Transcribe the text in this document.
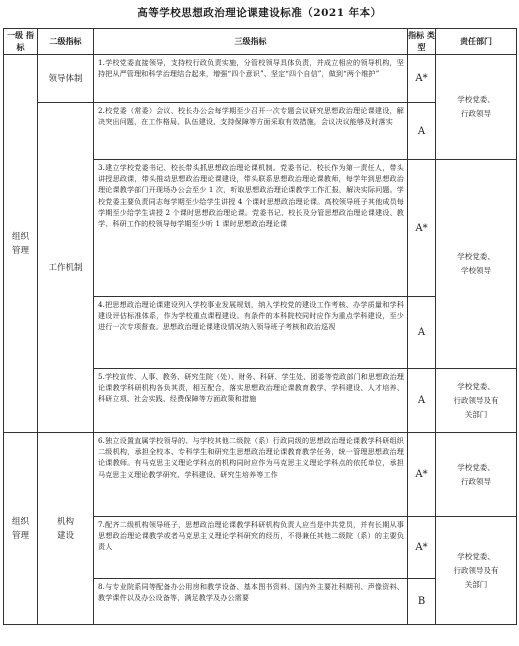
高等学校思想政治理论课建设标准（2021 年本）
一级 指标	二级指标	三级指标	指标 类型	责任部门
组织
管理	领导体制	1.学校党委直接领导，支持校行政负责实施，分管校领导具体负责，并成立相应的领导机构，坚持把从严管理和科学治理结合起来，增强“四个意识”、坚定“四个自信”，做到“两个维护”	A*	学校党委、
行政领导
	工作机制	2.校党委（常委）会议、校长办公会每学期至少召开一次专题会议研究思想政治理论课建设，解决突出问题，在工作格局、队伍建设、支持保障等方面采取有效措施，会议决议能够及时落实	A	
		3.建立学校党委书记、校长带头抓思想政治理论课机制。党委书记、校长作为第一责任人，带头讲授思政课，带头推动思想政治理论课建设，带头联系思想政治理论课教师，每学年到思想政治理论课教学部门开现场办公会至少 1 次，听取思想政治理论课教学工作汇报，解决实际问题。学校党委主要负责同志每学期至少给学生讲授 4 个课时思想政治理论课。高校领导班子其他成员每学期至少给学生讲授 2 个课时思想政治理论课。党委书记、校长及分管思想政治理论课建设、教学、科研工作的校领导每学期至少听 1 课时思想政治理论课	A*	学校党委、
学校领导
		4.把思想政治理论课建设列入学校事业发展规划，纳入学校党的建设工作考核、办学质量和学科建设评估标准体系，作为学校重点课程建设。有条件的本科院校同时应作为重点学科建设，至少进行一次专项督查。思想政治理论课建设情况纳入领导班子考核和政治巡视	A	
		5.学校宣传、人事、教务、研究生院（处）、财务、科研、学生处、团委等党政部门和思想政治理论课教学科研机构各负其责，相互配合，落实思想政治理论课教育教学、学科建设、人才培养、科研立项、社会实践、经费保障等方面政策和措施	A	学校党委、
行政领导及有
关部门
组织
管理	机构
建设	6.独立设置直属学校领导的、与学校其他二级院（系）行政同级的思想政治理论课教学科研组织二级机构，承担全校本、专科学生和研究生思想政治理论课教育教学任务，统一管理思想政治理论课教师。有马克思主义理论学科点的机构同时应作为马克思主义理论学科点的依托单位，承担马克思主义理论教学研究、学科建设、研究生培养等工作	A*	学校党委、
行政领导
		7.配齐二级机构领导班子，思想政治理论课教学科研机构负责人应当是中共党员，并有长期从事思想政治理论课教学或者马克思主义理论学科研究的经历，不得兼任其他二级院（系）的主要负责人	A*	学校党委、
行政领导及有
关部门
		8.与专业院系同等配备办公用房和教学设备、基本图书资料、国内外主要社科期刊、声像资料、教学课件以及办公设备等，满足教学及办公需要	B	
